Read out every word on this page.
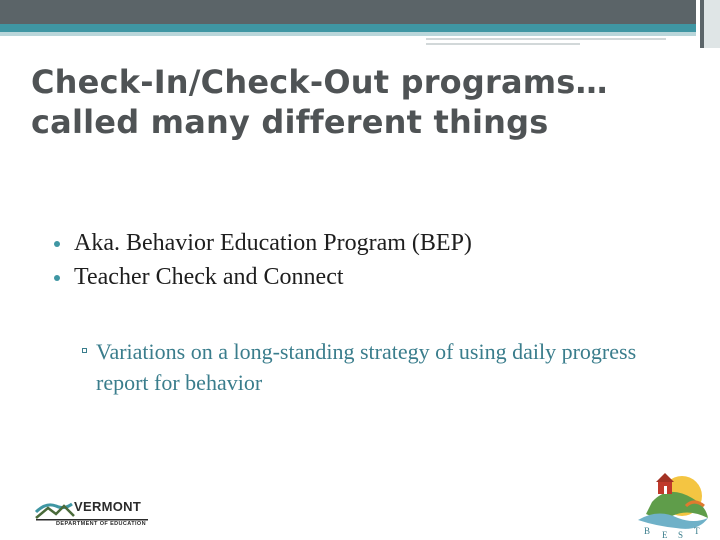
Check-In/Check-Out programs…
called many different things
Aka. Behavior Education Program (BEP)
Teacher Check and Connect
Variations on a long-standing strategy of using daily progress report for behavior
VERMONT
DEPARTMENT OF EDUCATION
B E S T
